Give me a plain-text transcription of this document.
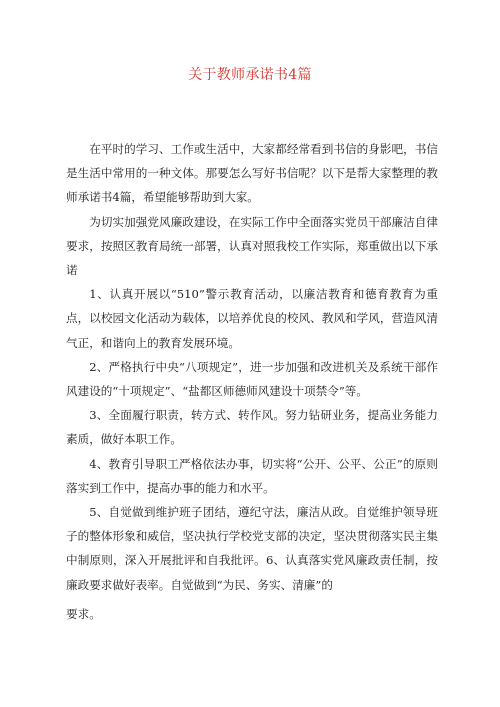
关于教师承诺书4篇

在平时的学习、工作或生活中，大家都经常看到书信的身影吧，书信是生活中常用的一种文体。那要怎么写好书信呢？以下是帮大家整理的教师承诺书4篇，希望能够帮助到大家。

为切实加强党风廉政建设，在实际工作中全面落实党员干部廉洁自律要求，按照区教育局统一部署，认真对照我校工作实际，郑重做出以下承诺

1、认真开展以“510”警示教育活动，以廉洁教育和德育教育为重点，以校园文化活动为载体，以培养优良的校风、教风和学风，营造风清气正，和谐向上的教育发展环境。

2、严格执行中央“八项规定”，进一步加强和改进机关及系统干部作风建设的“十项规定”、“盐都区师德师风建设十项禁令”等。

3、全面履行职责，转方式、转作风。努力钻研业务，提高业务能力素质，做好本职工作。

4、教育引导职工严格依法办事，切实将“公开、公平、公正”的原则落实到工作中，提高办事的能力和水平。

5、自觉做到维护班子团结，遵纪守法，廉洁从政。自觉维护领导班子的整体形象和威信，坚决执行学校党支部的决定，坚决贯彻落实民主集中制原则，深入开展批评和自我批评。6、认真落实党风廉政责任制，按廉政要求做好表率。自觉做到“为民、务实、清廉”的

要求。
